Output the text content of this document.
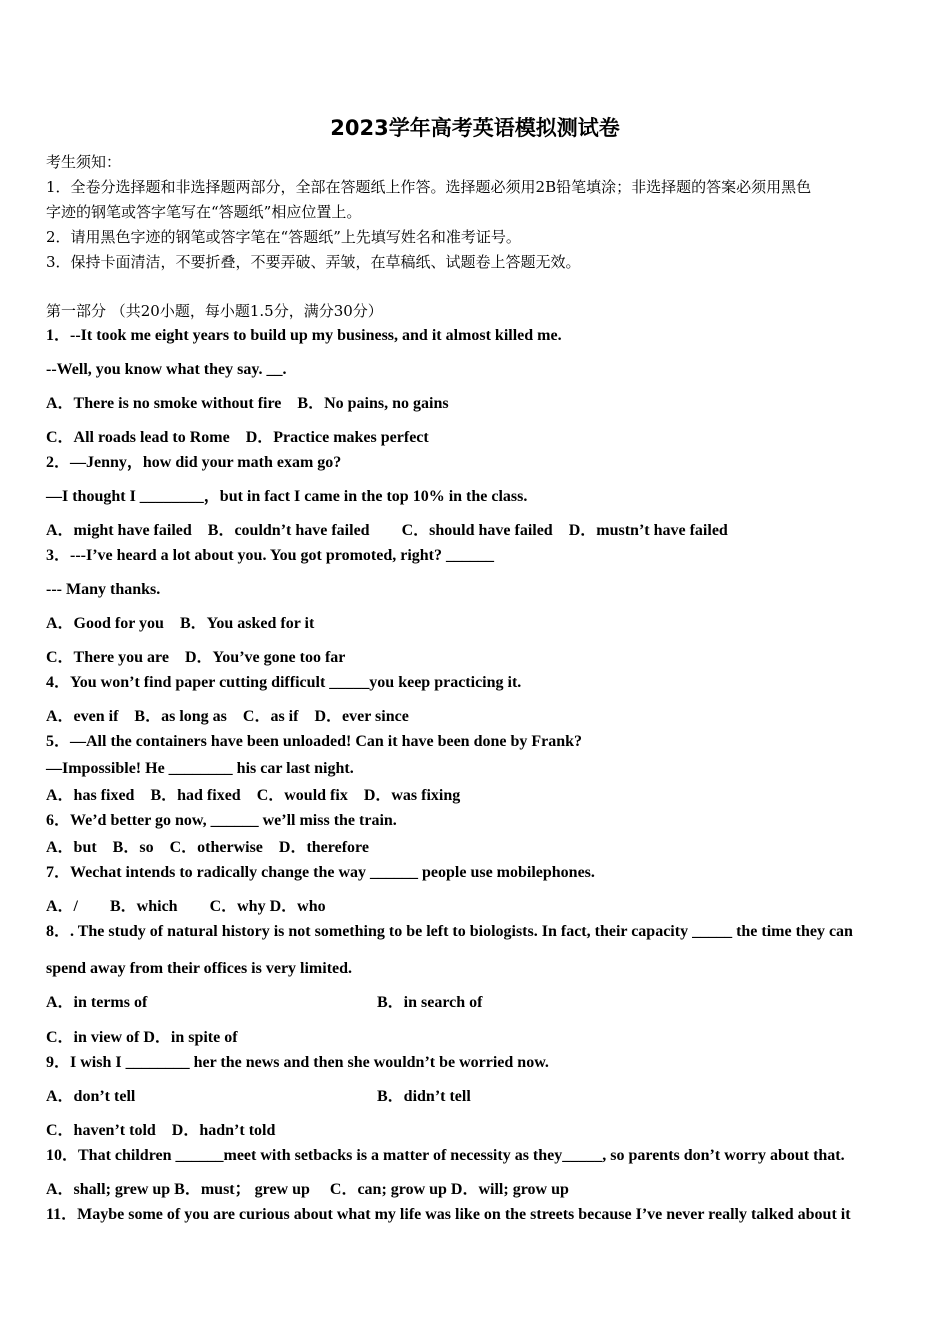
2023学年高考英语模拟测试卷
考生须知：
1．全卷分选择题和非选择题两部分，全部在答题纸上作答。选择题必须用2B铅笔填涂；非选择题的答案必须用黑色
字迹的钢笔或答字笔写在“答题纸”相应位置上。
2．请用黑色字迹的钢笔或答字笔在“答题纸”上先填写姓名和准考证号。
3．保持卡面清洁，不要折叠，不要弄破、弄皱，在草稿纸、试题卷上答题无效。
第一部分 （共20小题，每小题1.5分，满分30分）
1．--It took me eight years to build up my business, and it almost killed me.
--Well, you know what they say. __.
A．There is no smoke without fire　B．No pains, no gains
C．All roads lead to Rome　D．Practice makes perfect
2．—Jenny，how did your math exam go?
—I thought I ________，but in fact I came in the top 10% in the class.
A．might have failed　B．couldn’t have failed　　C．should have failed　D．mustn’t have failed
3．---I’ve heard a lot about you. You got promoted, right? ______
--- Many thanks.
A．Good for you　B．You asked for it
C．There you are　D．You’ve gone too far
4．You won’t find paper cutting difficult _____you keep practicing it.
A．even if　B．as long as　C．as if　D．ever since
5．—All the containers have been unloaded! Can it have been done by Frank?
—Impossible! He ________ his car last night.
A．has fixed　B．had fixed　C．would fix　D．was fixing
6．We’d better go now, ______ we’ll miss the train.
A．but　B．so　C．otherwise　D．therefore
7．Wechat intends to radically change the way ______ people use mobilephones.
A．/　　B．which　　C．why D．who
8．. The study of natural history is not something to be left to biologists. In fact, their capacity _____ the time they can
spend away from their offices is very limited.
A．in terms of	B．in search of
C．in view of D．in spite of
9．I wish I ________ her the news and then she wouldn’t be worried now.
A．don’t tell	B．didn’t tell
C．haven’t told　D．hadn’t told
10．That children ______meet with setbacks is a matter of necessity as they_____, so parents don’t worry about that.
A．shall; grew up B．must； grew up　 C．can; grow up D．will; grow up
11．Maybe some of you are curious about what my life was like on the streets because I’ve never really talked about it
